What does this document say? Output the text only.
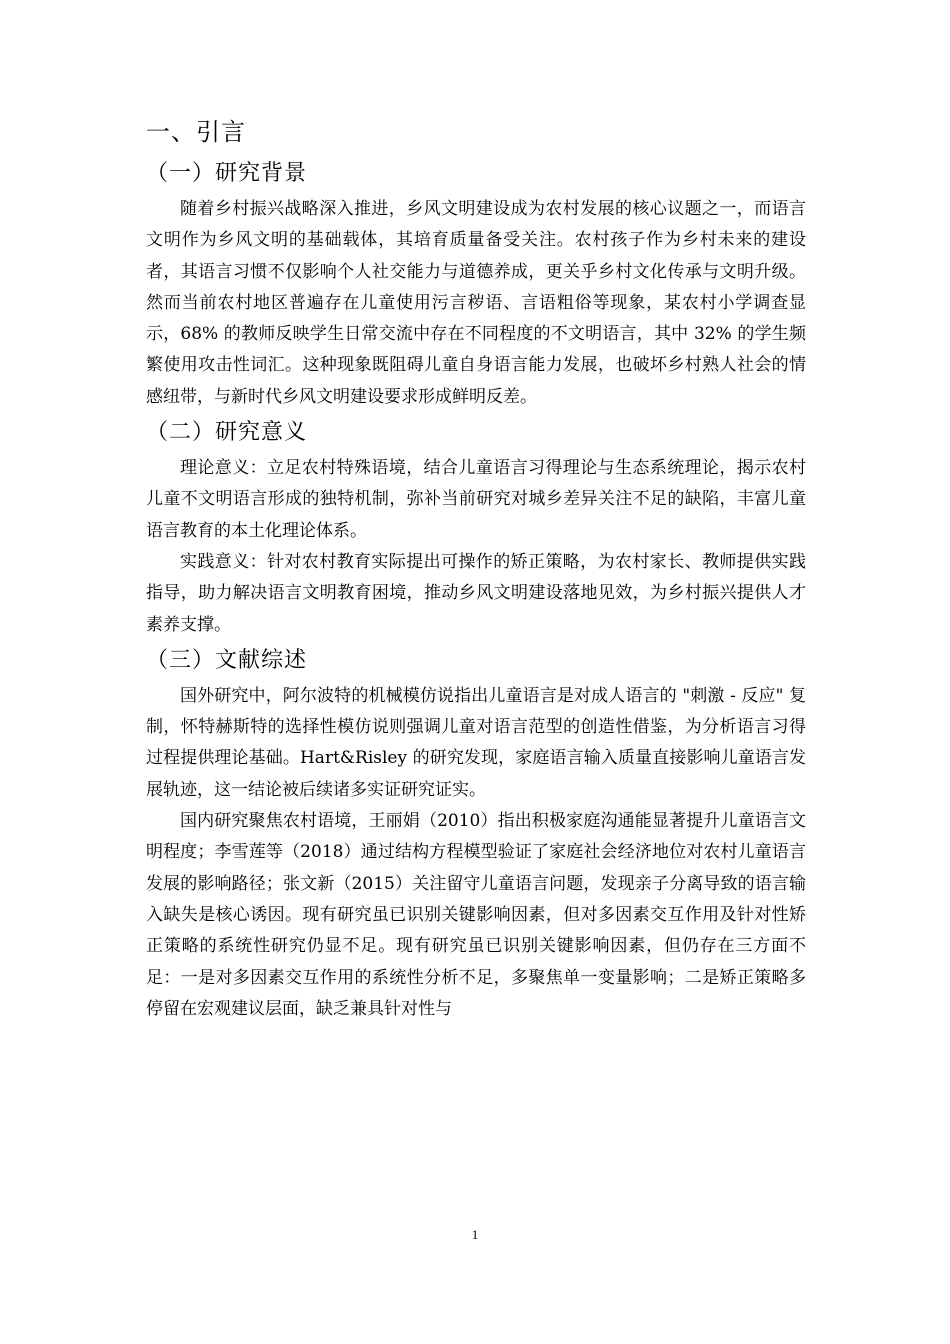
一、引言
（一）研究背景

随着乡村振兴战略深入推进，乡风文明建设成为农村发展的核心议题之一，而语言文明作为乡风文明的基础载体，其培育质量备受关注。农村孩子作为乡村未来的建设者，其语言习惯不仅影响个人社交能力与道德养成，更关乎乡村文化传承与文明升级。然而当前农村地区普遍存在儿童使用污言秽语、言语粗俗等现象，某农村小学调查显示，68% 的教师反映学生日常交流中存在不同程度的不文明语言，其中 32% 的学生频繁使用攻击性词汇。这种现象既阻碍儿童自身语言能力发展，也破坏乡村熟人社会的情感纽带，与新时代乡风文明建设要求形成鲜明反差。

（二）研究意义

理论意义：立足农村特殊语境，结合儿童语言习得理论与生态系统理论，揭示农村儿童不文明语言形成的独特机制，弥补当前研究对城乡差异关注不足的缺陷，丰富儿童语言教育的本土化理论体系。

实践意义：针对农村教育实际提出可操作的矫正策略，为农村家长、教师提供实践指导，助力解决语言文明教育困境，推动乡风文明建设落地见效，为乡村振兴提供人才素养支撑。

（三）文献综述

国外研究中，阿尔波特的机械模仿说指出儿童语言是对成人语言的 "刺激 - 反应" 复制，怀特赫斯特的选择性模仿说则强调儿童对语言范型的创造性借鉴，为分析语言习得过程提供理论基础。Hart&Risley 的研究发现，家庭语言输入质量直接影响儿童语言发展轨迹，这一结论被后续诸多实证研究证实。

国内研究聚焦农村语境，王丽娟（2010）指出积极家庭沟通能显著提升儿童语言文明程度；李雪莲等（2018）通过结构方程模型验证了家庭社会经济地位对农村儿童语言发展的影响路径；张文新（2015）关注留守儿童语言问题，发现亲子分离导致的语言输入缺失是核心诱因。现有研究虽已识别关键影响因素，但对多因素交互作用及针对性矫正策略的系统性研究仍显不足。现有研究虽已识别关键影响因素，但仍存在三方面不足：一是对多因素交互作用的系统性分析不足，多聚焦单一变量影响；二是矫正策略多停留在宏观建议层面，缺乏兼具针对性与

1
